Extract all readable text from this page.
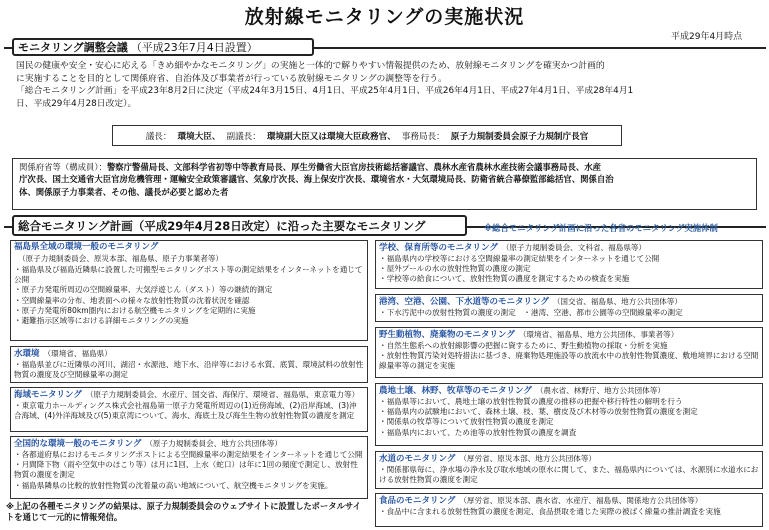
放射線モニタリングの実施状況
平成29年4月時点
モニタリング調整会議 （平成23年7月4日設置）
国民の健康や安全・安心に応える「きめ細やかなモニタリング」の実施と一体的で解りやすい情報提供のため、放射線モニタリングを確実かつ計画的
に実施することを目的として関係府省、自治体及び事業者が行っている放射線モニタリングの調整等を行う。
「総合モニタリング計画」を平成23年8月2日に決定（平成24年3月15日、4月1日、平成25年4月1日、平成26年4月1日、平成27年4月1日、平成28年4月1
日、平成29年4月28日改定）。
議長： 環境大臣、 副議長： 環境副大臣又は環境大臣政務官、 事務局長： 原子力規制委員会原子力規制庁長官
関係府省等（構成員）：警察庁警備局長、文部科学省初等中等教育局長、厚生労働省大臣官房技術総括審議官、農林水産省農林水産技術会議事務局長、水産
庁次長、国土交通省大臣官房危機管理・運輸安全政策審議官、気象庁次長、海上保安庁次長、環境省水・大気環境局長、防衛省統合幕僚監部総括官、関係自治
体、関係原子力事業者、その他、議長が必要と認めた者
総合モニタリング計画（平成29年4月28日改定）に沿った主要なモニタリング	※総合モニタリング計画に沿った各省のモニタリング実施体制
福島県全域の環境一般のモニタリング（原子力規制委員会、原災本部、福島県、原子力事業者等）
・福島県及び福島近隣県に設置した可搬型モニタリングポスト等の測定結果をインターネットを通じて公開
・原子力発電所周辺の空間線量率、大気浮遊じん（ダスト）等の継続的測定
・空間線量率の分布、地表面への様々な放射性物質の沈着状況を確認
・原子力発電所80km圏内における航空機モニタリングを定期的に実施
・避難指示区域等における詳細モニタリングの実施
水環境 （環境省、福島県）
・福島県並びに近隣県の河川、湖沼・水源池、地下水、沿岸等における水質、底質、環境試料の放射性物質の濃度及び空間線量率の測定
海域モニタリング （原子力規制委員会、水産庁、国交省、海保庁、環境省、福島県、東京電力等）
・東京電力ホールディングス株式会社福島第一原子力発電所周辺の(1)近傍海域、(2)沿岸海域、(3)沖合海域、(4)外洋海域及び(5)東京湾について、海水、海底土及び海生生物の放射性物質の濃度を測定
全国的な環境一般のモニタリング （原子力規制委員会、地方公共団体等）
・各都道府県におけるモニタリングポストによる空間線量率の測定結果をインターネットを通じて公開
・月間降下物（雨や空気中のほこり等）は月に1回、上水（蛇口）は年に1回の頻度で測定し、放射性物質の濃度を測定
・福島県隣県の比較的放射性物質の沈着量の高い地域について、航空機モニタリングを実施。
※上記の各種モニタリングの結果は、原子力規制委員会のウェブサイトに設置したポータルサイトを通じて一元的に情報発信。
学校、保育所等のモニタリング （原子力規制委員会、文科省、福島県等）
・福島県内の学校等における空間線量率の測定結果をインターネットを通じて公開
・屋外プールの水の放射性物質の濃度の測定
・学校等の給食について、放射性物質の濃度を測定するための検査を実施
港湾、空港、公園、下水道等のモニタリング （国交省、福島県、地方公共団体等）
・下水汚泥中の放射性物質の濃度の測定　・港湾、空港、都市公園等の空間線量率の測定
野生動植物、廃棄物のモニタリング （環境省、福島県、地方公共団体、事業者等）
・自然生態系への放射線影響の把握に資するために、野生動植物の採取・分析を実施
・放射性物質汚染対処特措法に基づき、廃棄物処理施設等の放流水中の放射性物質濃度、敷地境界における空間線量率等の測定を実施
農地土壌、林野、牧草等のモニタリング （農水省、林野庁、地方公共団体等）
・福島県等において、農地土壌の放射性物質の濃度の推移の把握や移行特性の解明を行う
・福島県内の試験地において、森林土壌、枝、葉、樹皮及び木材等の放射性物質の濃度を測定
・関係県の牧草等について放射性物質の濃度を測定
・福島県内において、ため池等の放射性物質の濃度を調査
水道のモニタリング （厚労省、原災本部、地方公共団体等）
・関係都県毎に、浄水場の浄水及び取水地域の原水に関して、また、福島県内については、水源別に水道水における放射性物質の濃度を測定
食品のモニタリング （厚労省、原災本部、農水省、水産庁、福島県、関係地方公共団体等）
・食品中に含まれる放射性物質の濃度を測定、食品摂取を通じた実際の被ばく線量の推計調査を実施
